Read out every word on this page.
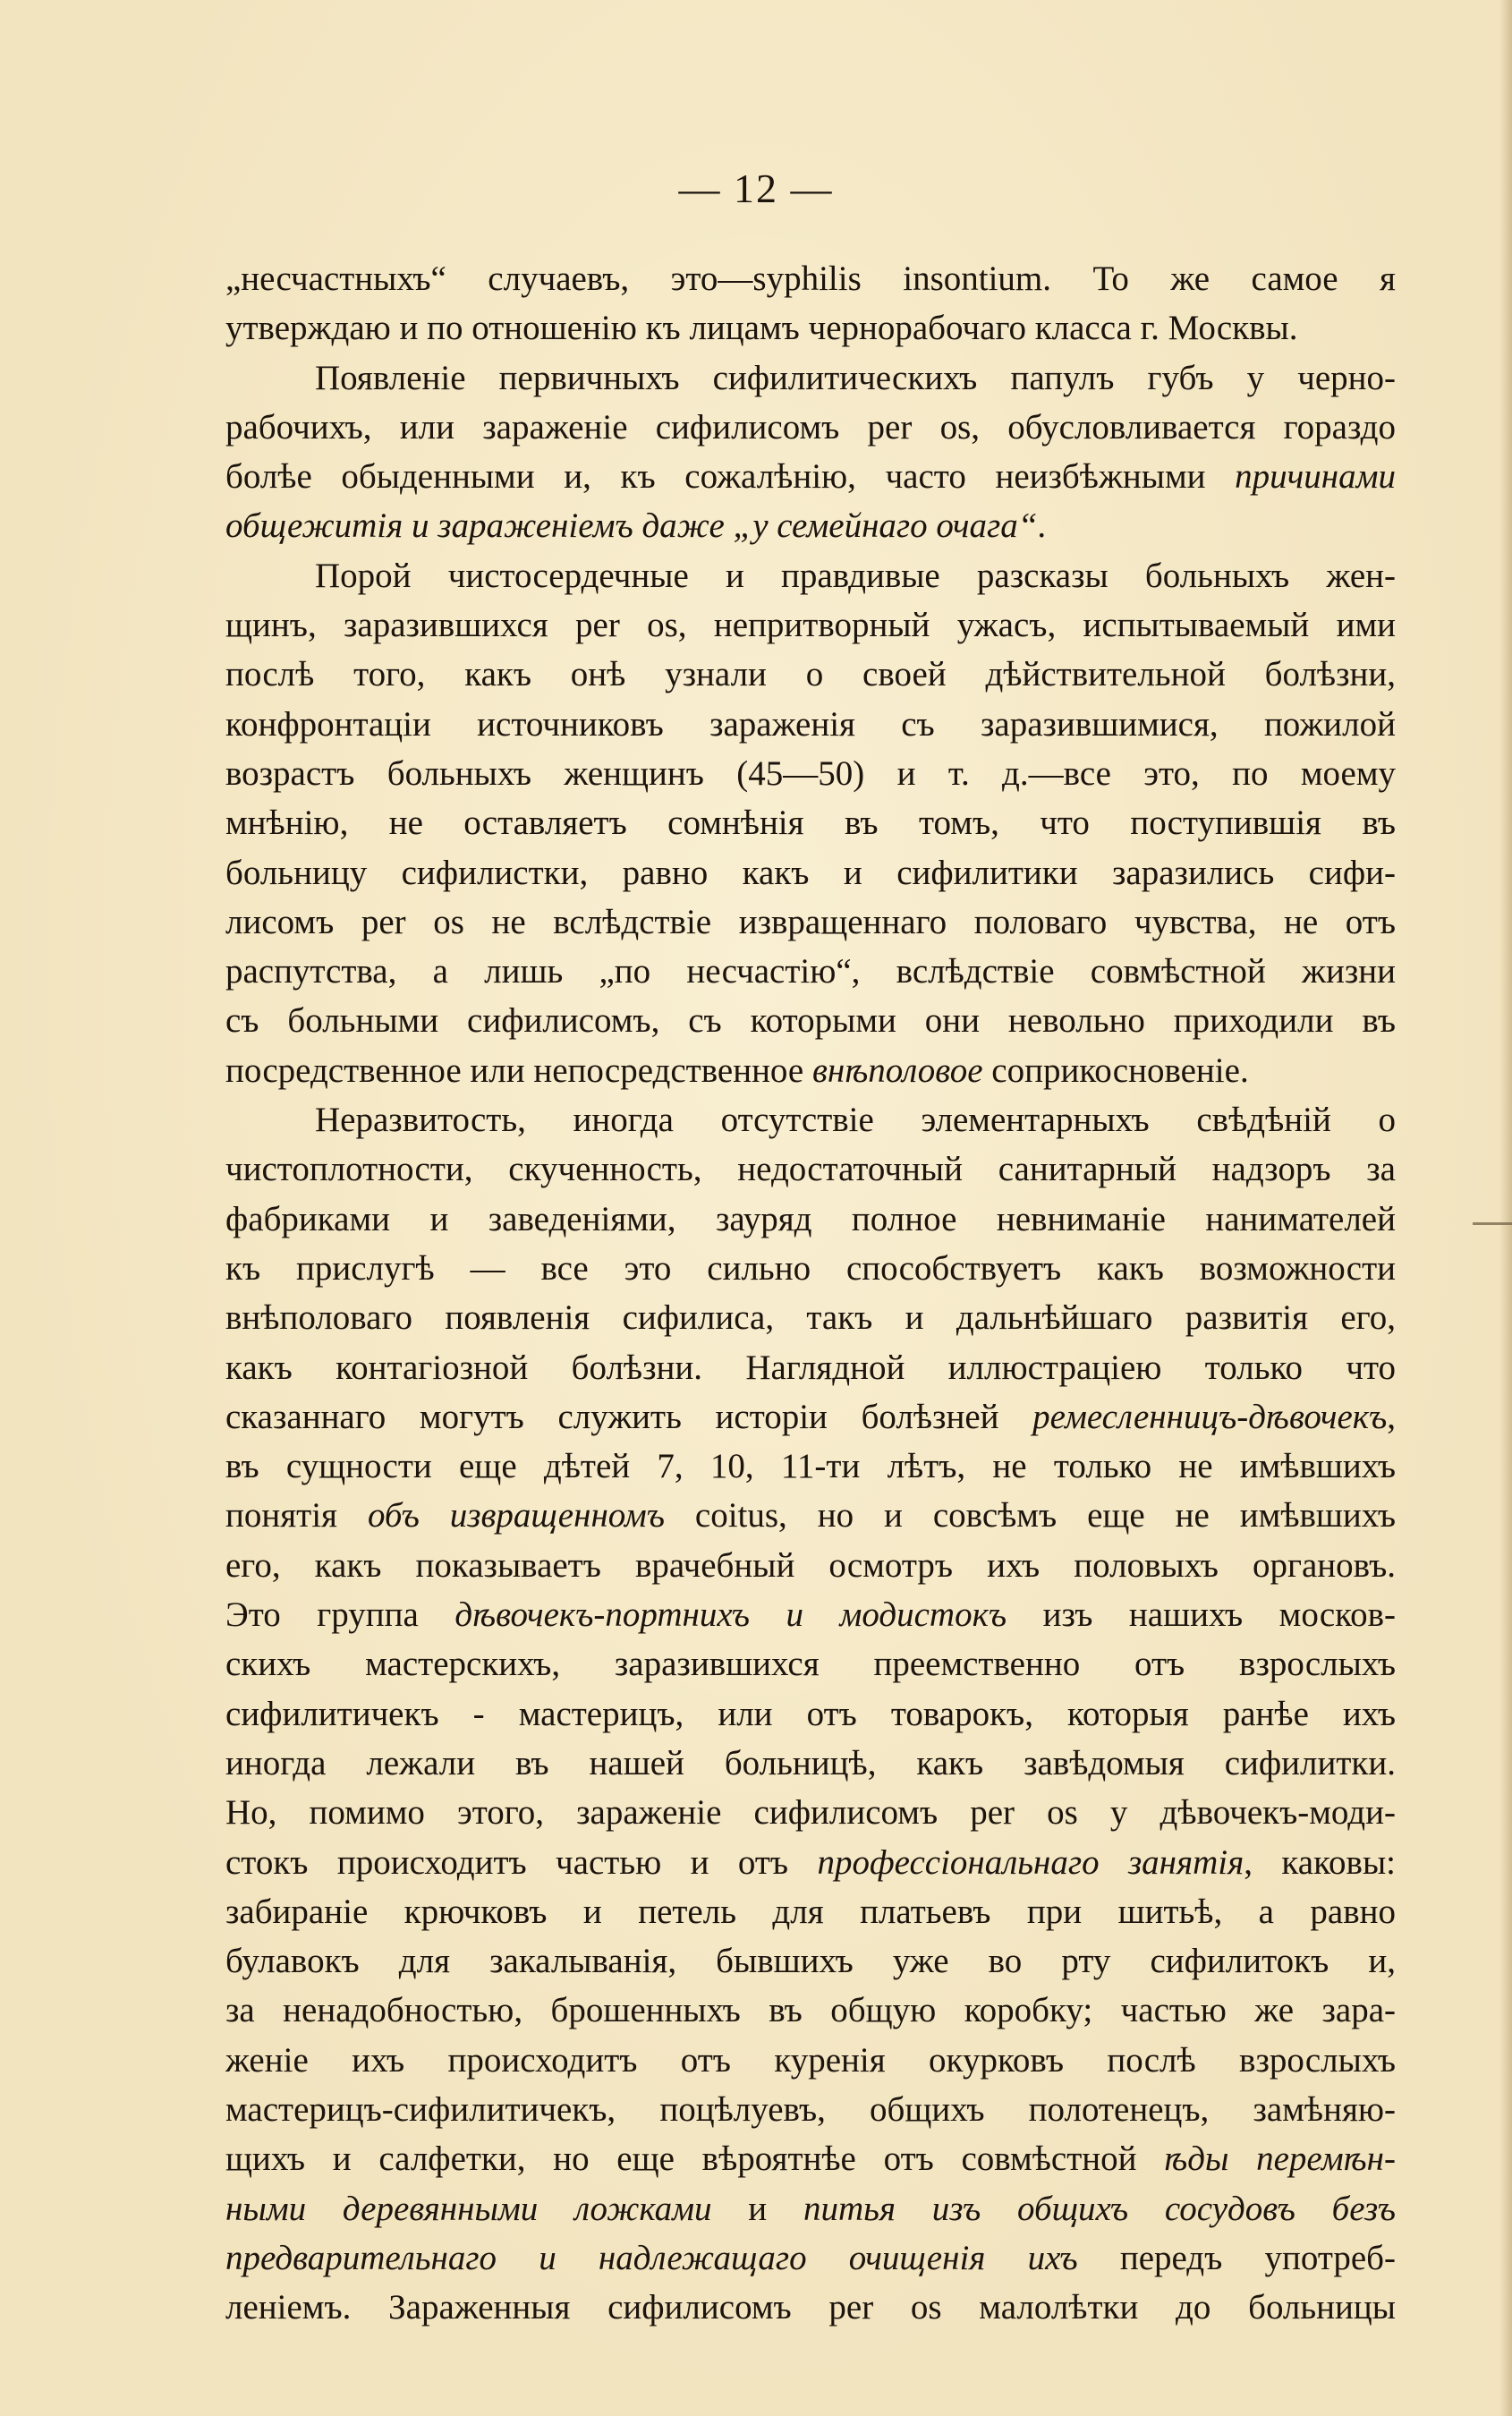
— 12 —
„несчастныхъ“ случаевъ, это—syphilis insontium. То же самое я
утверждаю и по отношенію къ лицамъ чернорабочаго класса г. Москвы.
Появленіе первичныхъ сифилитическихъ папулъ губъ у черно-
рабочихъ, или зараженіе сифилисомъ per os, обусловливается гораздо
болѣе обыденными и, къ сожалѣнію, часто неизбѣжными причинами
общежитія и зараженіемъ даже „у семейнаго очага“.
Порой чистосердечные и правдивые разсказы больныхъ жен-
щинъ, заразившихся per os, непритворный ужасъ, испытываемый ими
послѣ того, какъ онѣ узнали о своей дѣйствительной болѣзни,
конфронтаціи источниковъ зараженія съ заразившимися, пожилой
возрастъ больныхъ женщинъ (45—50) и т. д.—все это, по моему
мнѣнію, не оставляетъ сомнѣнія въ томъ, что поступившія въ
больницу сифилистки, равно какъ и сифилитики заразились сифи-
лисомъ per os не вслѣдствіе извращеннаго половаго чувства, не отъ
распутства, а лишь „по несчастію“, вслѣдствіе совмѣстной жизни
съ больными сифилисомъ, съ которыми они невольно приходили въ
посредственное или непосредственное внѣполовое соприкосновеніе.
Неразвитость, иногда отсутствіе элементарныхъ свѣдѣній о
чистоплотности, скученность, недостаточный санитарный надзоръ за
фабриками и заведеніями, зауряд полное невниманіе нанимателей
къ прислугѣ — все это сильно способствуетъ какъ возможности
внѣполоваго появленія сифилиса, такъ и дальнѣйшаго развитія его,
какъ контагіозной болѣзни. Наглядной иллюстраціею только что
сказаннаго могутъ служить исторіи болѣзней ремесленницъ-дѣвочекъ,
въ сущности еще дѣтей 7, 10, 11-ти лѣтъ, не только не имѣвшихъ
понятія объ извращенномъ coitus, но и совсѣмъ еще не имѣвшихъ
его, какъ показываетъ врачебный осмотръ ихъ половыхъ органовъ.
Это группа дѣвочекъ-портнихъ и модистокъ изъ нашихъ москов-
скихъ мастерскихъ, заразившихся преемственно отъ взрослыхъ
сифилитичекъ - мастерицъ, или отъ товарокъ, которыя ранѣе ихъ
иногда лежали въ нашей больницѣ, какъ завѣдомыя сифилитки.
Но, помимо этого, зараженіе сифилисомъ per os у дѣвочекъ-моди-
стокъ происходитъ частью и отъ профессіональнаго занятія, каковы:
забираніе крючковъ и петель для платьевъ при шитьѣ, а равно
булавокъ для закалыванія, бывшихъ уже во рту сифилитокъ и,
за ненадобностью, брошенныхъ въ общую коробку; частью же зара-
женіе ихъ происходитъ отъ куренія окурковъ послѣ взрослыхъ
мастерицъ-сифилитичекъ, поцѣлуевъ, общихъ полотенецъ, замѣняю-
щихъ и салфетки, но еще вѣроятнѣе отъ совмѣстной ѣды перемѣн-
ными деревянными ложками и питья изъ общихъ сосудовъ безъ
предварительнаго и надлежащаго очищенія ихъ передъ употреб-
леніемъ. Зараженныя сифилисомъ per os малолѣтки до больницы
